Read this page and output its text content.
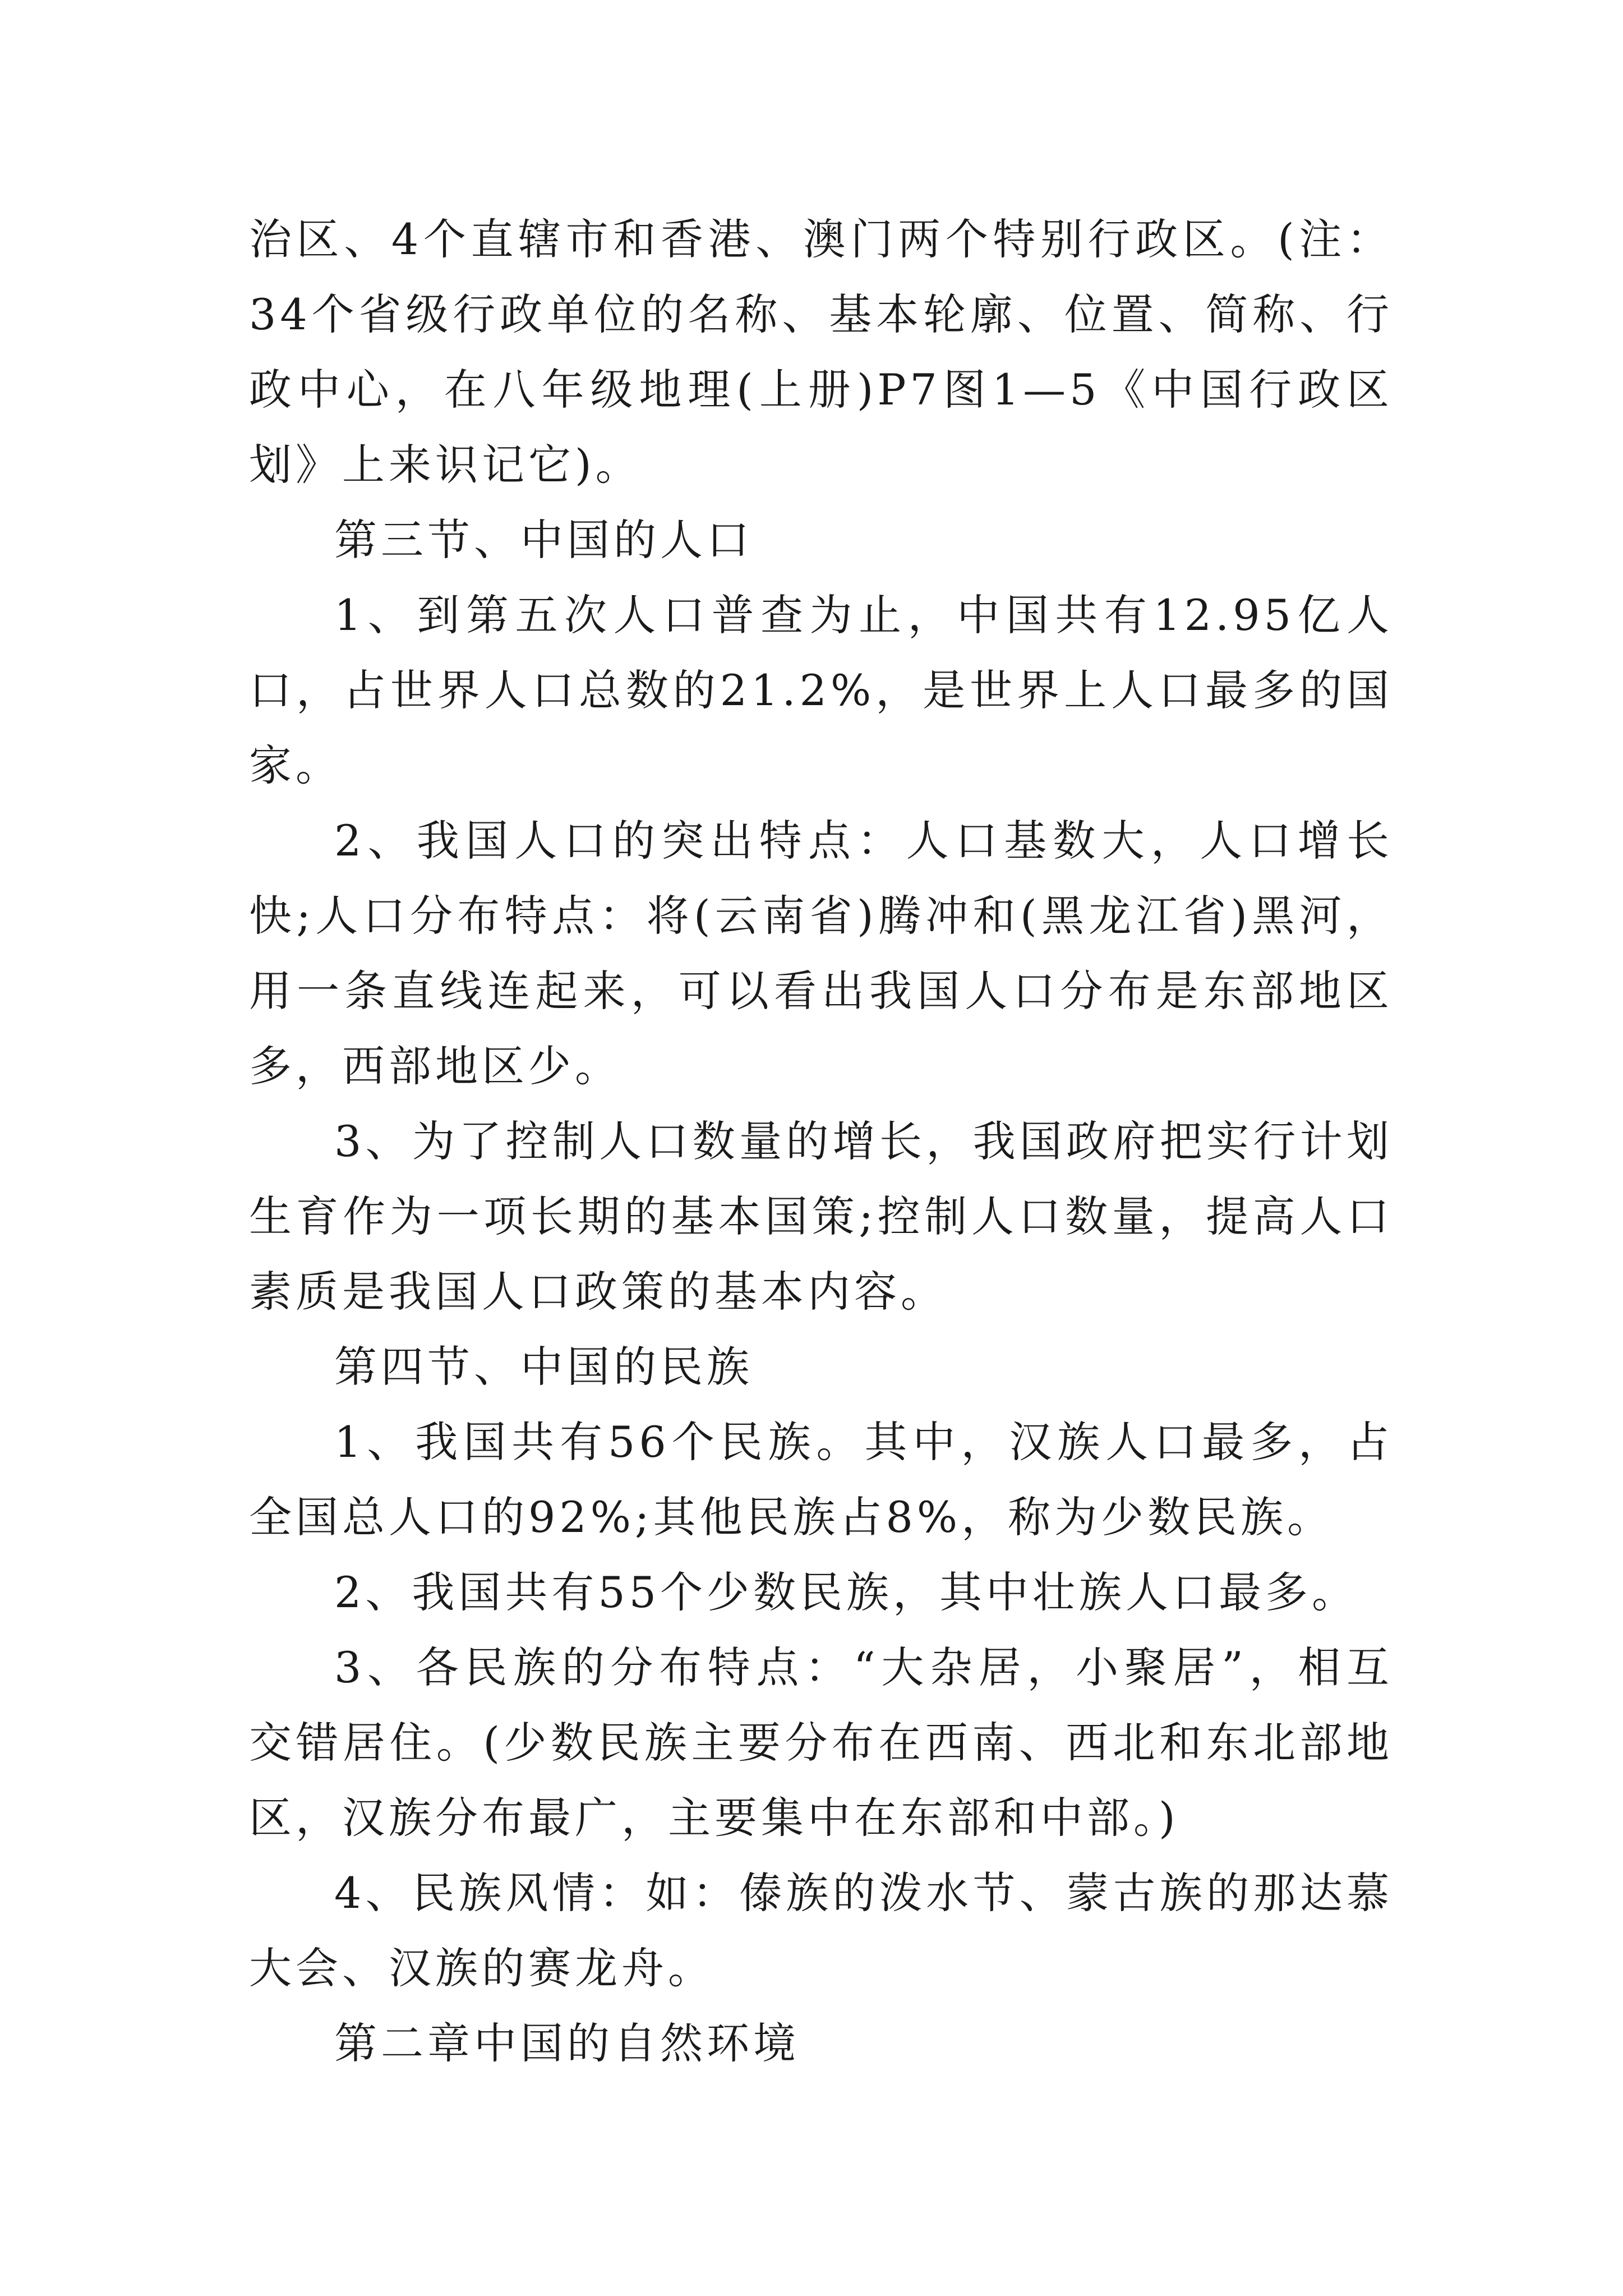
治区、4个直辖市和香港、澳门两个特别行政区。(注：34个省级行政单位的名称、基本轮廓、位置、简称、行政中心，在八年级地理(上册)P7图1—5《中国行政区划》上来识记它)。

第三节、中国的人口

1、到第五次人口普查为止，中国共有12.95亿人口，占世界人口总数的21.2%，是世界上人口最多的国家。

2、我国人口的突出特点：人口基数大，人口增长快;人口分布特点：将(云南省)腾冲和(黑龙江省)黑河，用一条直线连起来，可以看出我国人口分布是东部地区多，西部地区少。

3、为了控制人口数量的增长，我国政府把实行计划生育作为一项长期的基本国策;控制人口数量，提高人口素质是我国人口政策的基本内容。

第四节、中国的民族

1、我国共有56个民族。其中，汉族人口最多，占全国总人口的92%;其他民族占8%，称为少数民族。

2、我国共有55个少数民族，其中壮族人口最多。

3、各民族的分布特点：“大杂居，小聚居”，相互交错居住。(少数民族主要分布在西南、西北和东北部地区，汉族分布最广，主要集中在东部和中部。)

4、民族风情：如：傣族的泼水节、蒙古族的那达慕大会、汉族的赛龙舟。

第二章中国的自然环境
